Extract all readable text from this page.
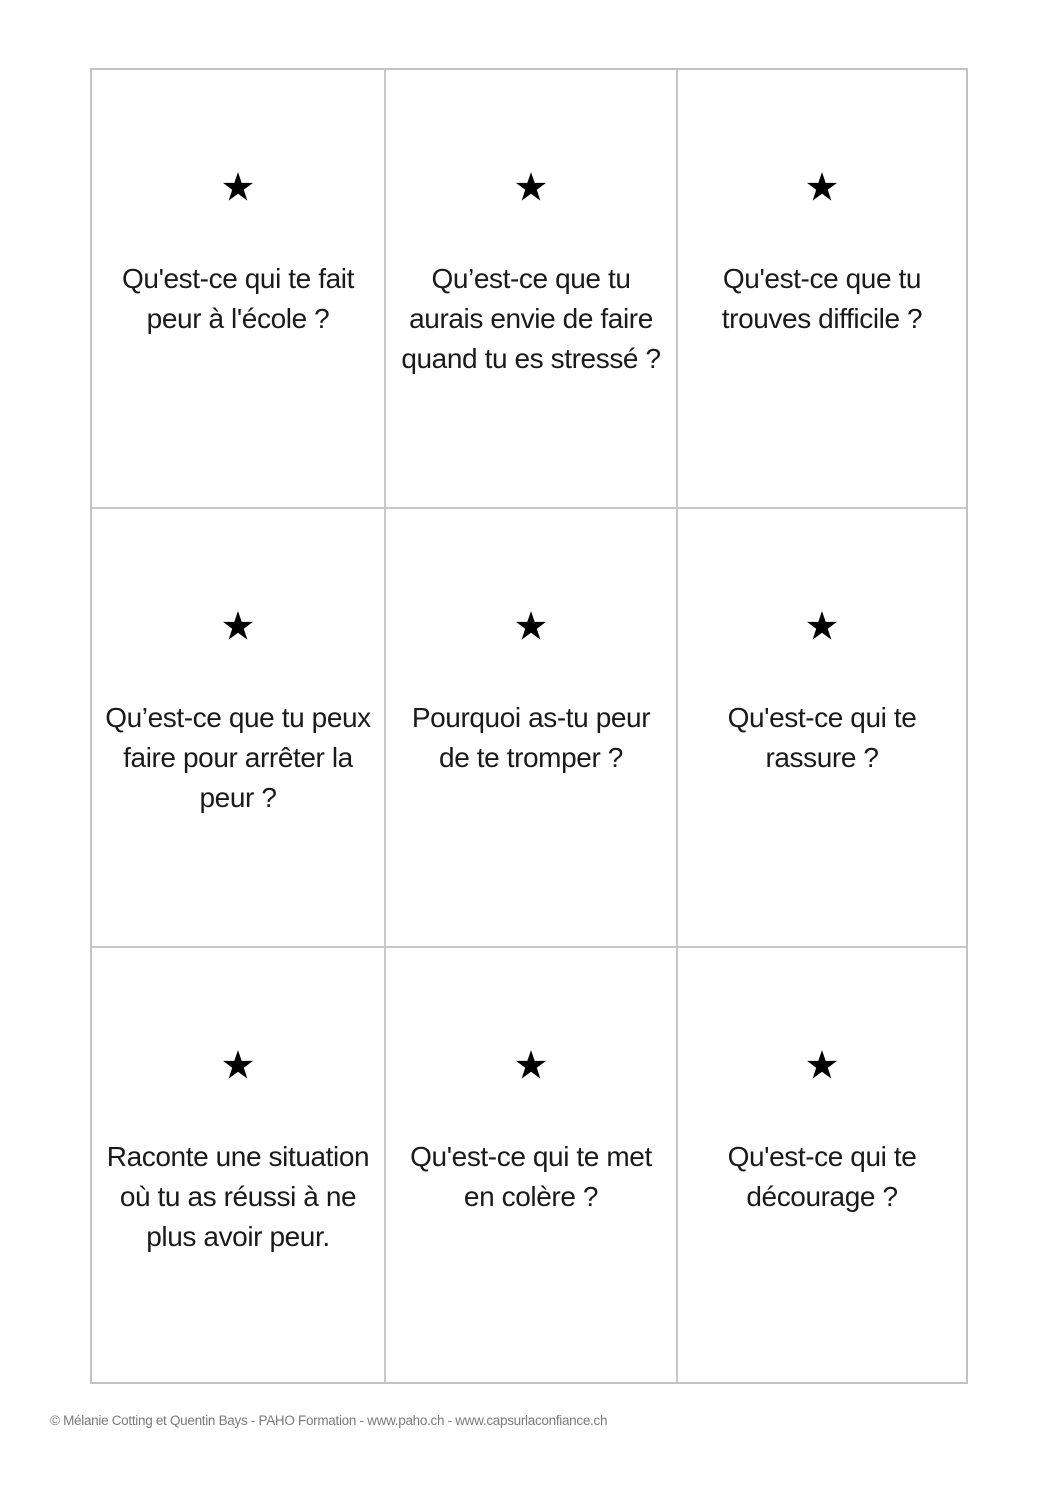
Qu'est-ce qui te fait peur à l'école ?
Qu’est-ce que tu aurais envie de faire quand tu es stressé ?
Qu'est-ce que tu trouves difficile ?
Qu’est-ce que tu peux faire pour arrêter la peur ?
Pourquoi as-tu peur de te tromper ?
Qu'est-ce qui te rassure ?
Raconte une situation où tu as réussi à ne plus avoir peur.
Qu'est-ce qui te met en colère ?
Qu'est-ce qui te décourage ?
© Mélanie Cotting et Quentin Bays - PAHO Formation - www.paho.ch - www.capsurlaconfiance.ch
